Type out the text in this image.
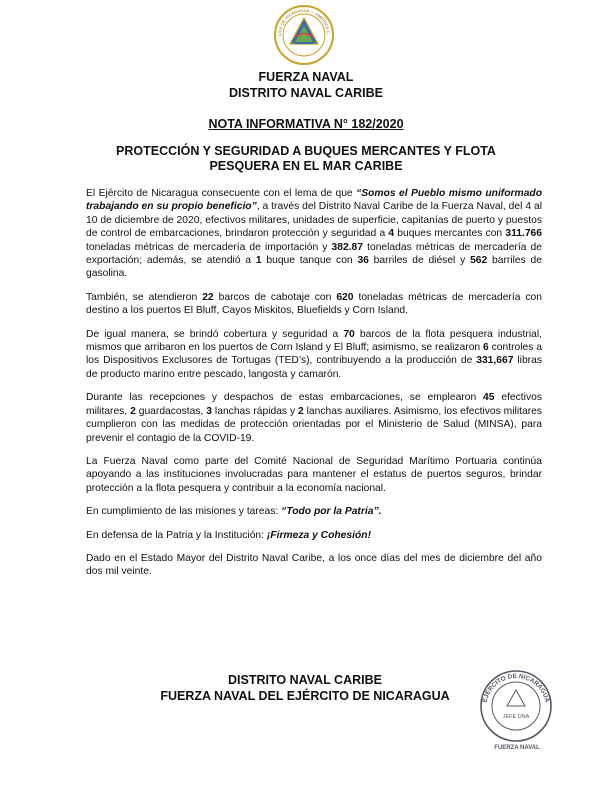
LICA DE NICARAGUA — AMÉRICA C
FUERZA NAVAL
DISTRITO NAVAL CARIBE
NOTA INFORMATIVA N° 182/2020
PROTECCIÓN Y SEGURIDAD A BUQUES MERCANTES Y FLOTA
PESQUERA EN EL MAR CARIBE

El Ejército de Nicaragua consecuente con el lema de que “Somos el Pueblo mismo uniformado trabajando en su propio beneficio”, a través del Distrito Naval Caribe de la Fuerza Naval, del 4 al 10 de diciembre de 2020, efectivos militares, unidades de superficie, capitanías de puerto y puestos de control de embarcaciones, brindaron protección y seguridad a 4 buques mercantes con 311.766 toneladas métricas de mercadería de importación y 382.87 toneladas métricas de mercadería de exportación; además, se atendió a 1 buque tanque con 36 barriles de diésel y 562 barriles de gasolina.

También, se atendieron 22 barcos de cabotaje con 620 toneladas métricas de mercadería con destino a los puertos El Bluff, Cayos Miskitos, Bluefields y Corn Island.

De igual manera, se brindó cobertura y seguridad a 70 barcos de la flota pesquera industrial, mismos que arribaron en los puertos de Corn Island y El Bluff; asimismo, se realizaron 6 controles a los Dispositivos Exclusores de Tortugas (TED’s), contribuyendo a la producción de 331,667 libras de producto marino entre pescado, langosta y camarón.

Durante las recepciones y despachos de estas embarcaciones, se emplearon 45 efectivos militares, 2 guardacostas, 3 lanchas rápidas y 2 lanchas auxiliares. Asimismo, los efectivos militares cumplieron con las medidas de protección orientadas por el Ministerio de Salud (MINSA), para prevenir el contagio de la COVID-19.

La Fuerza Naval como parte del Comité Nacional de Seguridad Marítimo Portuaria continúa apoyando a las instituciones involucradas para mantener el estatus de puertos seguros, brindar protección a la flota pesquera y contribuir a la economía nacional.

En cumplimiento de las misiones y tareas: “Todo por la Patria”.

En defensa de la Patria y la Institución: ¡Firmeza y Cohesión!

Dado en el Estado Mayor del Distrito Naval Caribe, a los once días del mes de diciembre del año dos mil veinte.

DISTRITO NAVAL CARIBE
FUERZA NAVAL DEL EJÉRCITO DE NICARAGUA	EJÉRCITO DE NICARAGUA
JEFE DNA
FUERZA NAVAL
